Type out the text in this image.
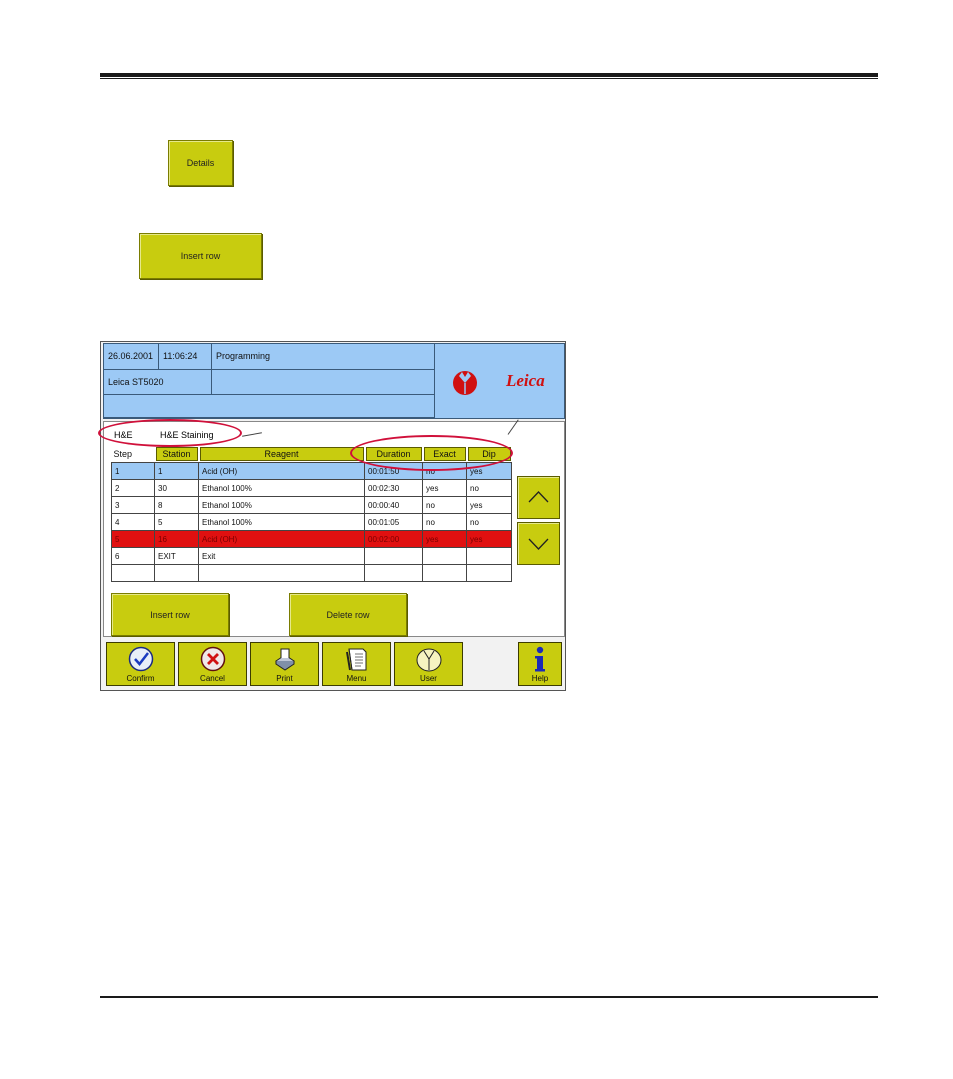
Details
Insert row
26.06.2001	11:06:24	Programming
Leica ST5020	Leica
H&E	H&E Staining
Step	Station	Reagent	Duration	Exact	Dip

1	1	Acid (OH)	00:01:50	no	yes
2	30	Ethanol 100%	00:02:30	yes	no
3	8	Ethanol 100%	00:00:40	no	yes
4	5	Ethanol 100%	00:01:05	no	no
5	16	Acid (OH)	00:02:00	yes	yes
6	EXIT	Exit			

Insert row	Delete row
Confirm	Cancel	Print	Menu	User	Help
